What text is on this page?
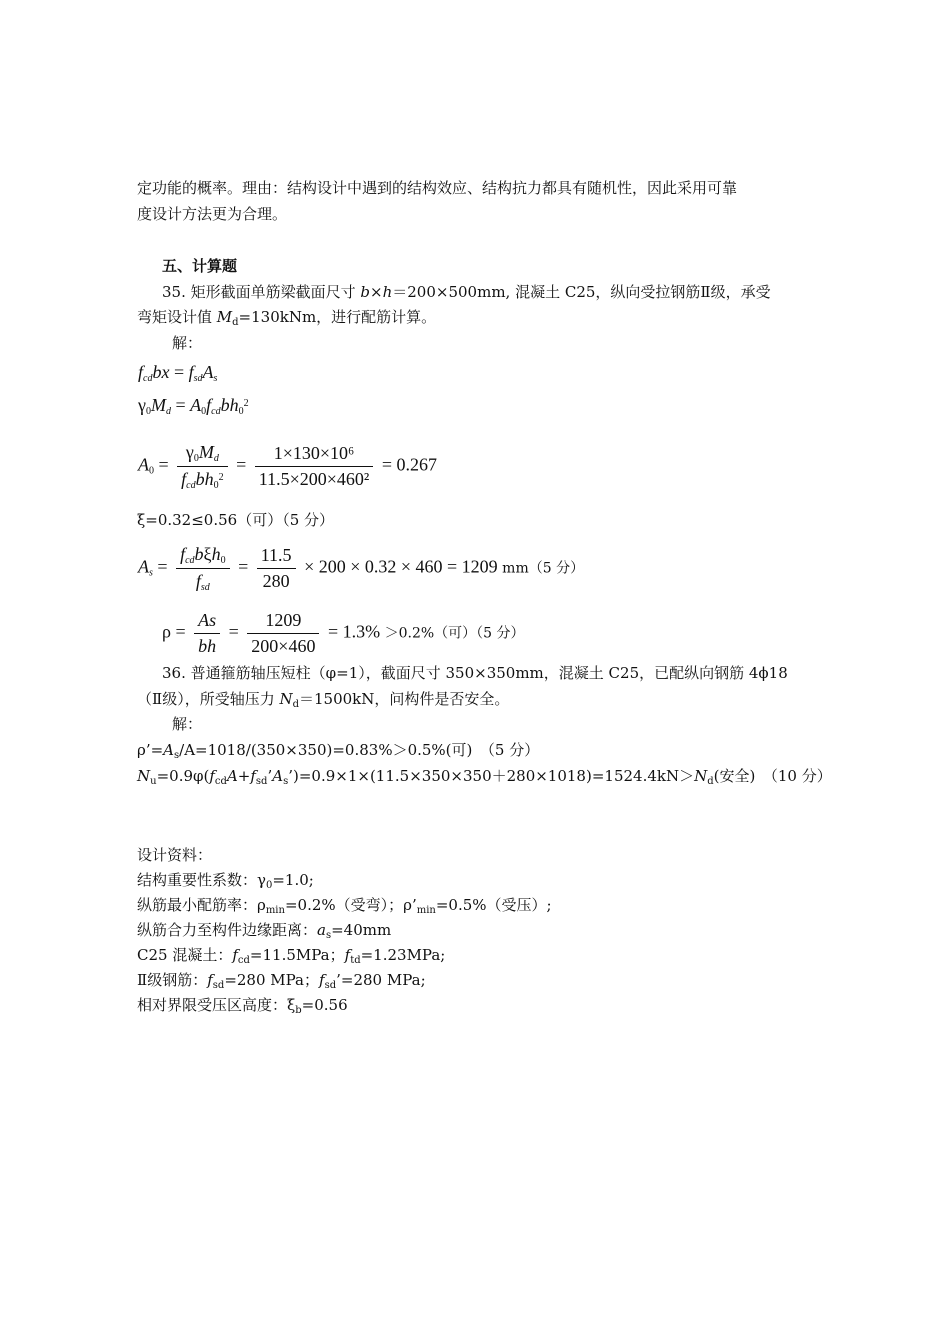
定功能的概率。理由：结构设计中遇到的结构效应、结构抗力都具有随机性，因此采用可靠
度设计方法更为合理。
五、计算题
35. 矩形截面单筋梁截面尺寸 b×h＝200×500mm, 混凝土 C25，纵向受拉钢筋Ⅱ级，承受
弯矩设计值 $M_d=130kNm$，进行配筋计算。
解：
$f_{cd}bx = f_{sd}A_s$
$\gamma_0M_d = A_0f_{cd}bh_0^2$
$A_0 = \frac{\gamma_0M_d}{f_{cd}bh_0^2} = \frac{\text{1×130×10⁶}}{\text{11.5×200×460²}} = 0.267$
ξ=0.32≤0.56（可）（5 分）
$A_s = \frac{f_{cd}b\xi h_0}{f_{sd}} = \frac{11.5}{280} \times 200 \times 0.32 \times 460 = 1209$ mm（5 分）
$\rho = \frac{As}{bh} = \frac{1209}{200\times 460} = 1.3\% >0.2\%$（可）（5 分）
36. 普通箍筋轴压短柱（φ=1），截面尺寸 350×350mm，混凝土 C25，已配纵向钢筋 4ϕ18
（Ⅱ级），所受轴压力 $N_d=1500kN$，问构件是否安全。
解：
$\rho’=A_s/A=1018/(350\times 350)=0.83\%>0.5\%$(可)　（5 分）
$N_u=0.9\varphi(f_{cd}A+f_{sd}’A_s’)=0.9\times 1\times(11.5\times 350\times 350+280\times 1018)=1524.4kN>N_d$(安全)　（10 分）
设计资料：
结构重要性系数：$\gamma_0=1.0$;
纵筋最小配筋率：$\rho_{min}=0.2\%$（受弯）；$\rho’_{min}=0.5\%$（受压）;
纵筋合力至构件边缘距离：$a_s=40mm$
C25 混凝土：$f_{cd}=11.5MPa$；$f_{td}=1.23MPa$;
Ⅱ级钢筋：$f_{sd}=280$ MPa；$f_{sd}’=280$ MPa;
相对界限受压区高度：$\xi_b=0.56$
